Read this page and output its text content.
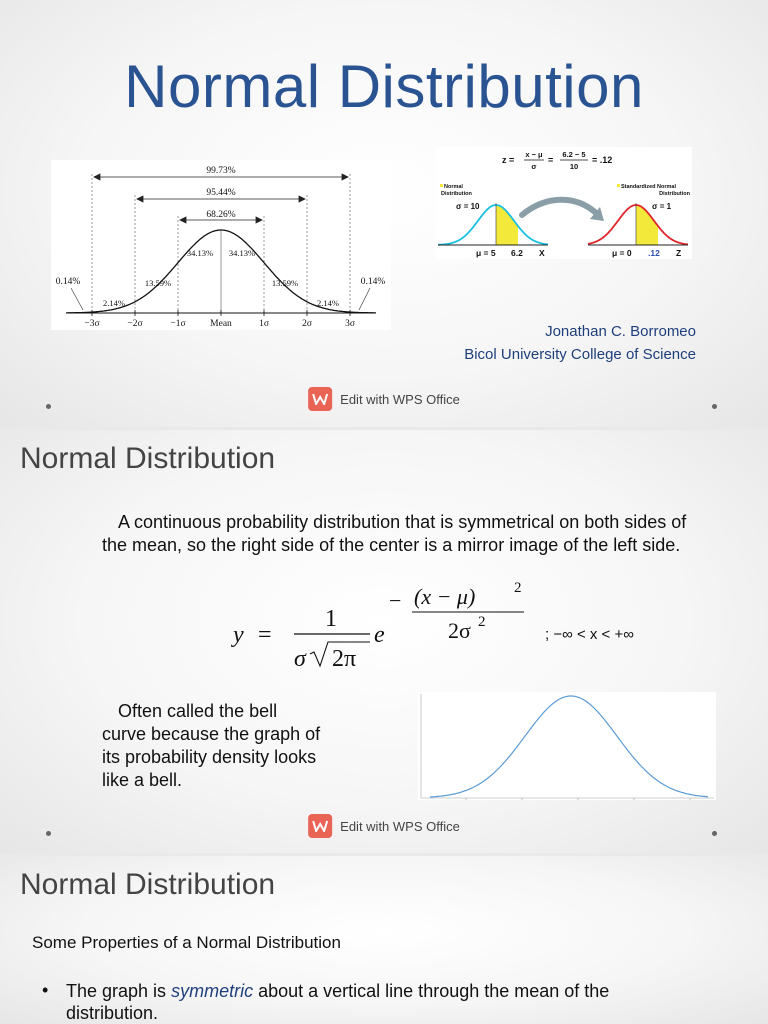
Normal Distribution
99.73%
95.44%
68.26%
34.13% 34.13%
13.59%	13.59%
2.14%	2.14%
0.14%	0.14%
−3σ	−2σ	−1σ	Mean	1σ	2σ	3σ
z =
x − μ
σ
=
6.2 − 5
10
= .12
Normal
Distribution
Standardized Normal
Distribution
σ = 10	σ = 1
μ = 5 6.2 X	μ = 0 .12 Z
Jonathan C. Borromeo
Bicol University College of Science
Edit with WPS Office
Normal Distribution
A continuous probability distribution that is symmetrical on both sides of the mean, so the right side of the center is a mirror image of the left side.
y =
1
σ 2π
e
− (x − μ)	2
2σ 2
; −∞ < x < +∞
Often called the bell curve because the graph of its probability density looks like a bell.
Edit with WPS Office
Normal Distribution
Some Properties of a Normal Distribution
• The graph is symmetric about a vertical line through the mean of the distribution.
